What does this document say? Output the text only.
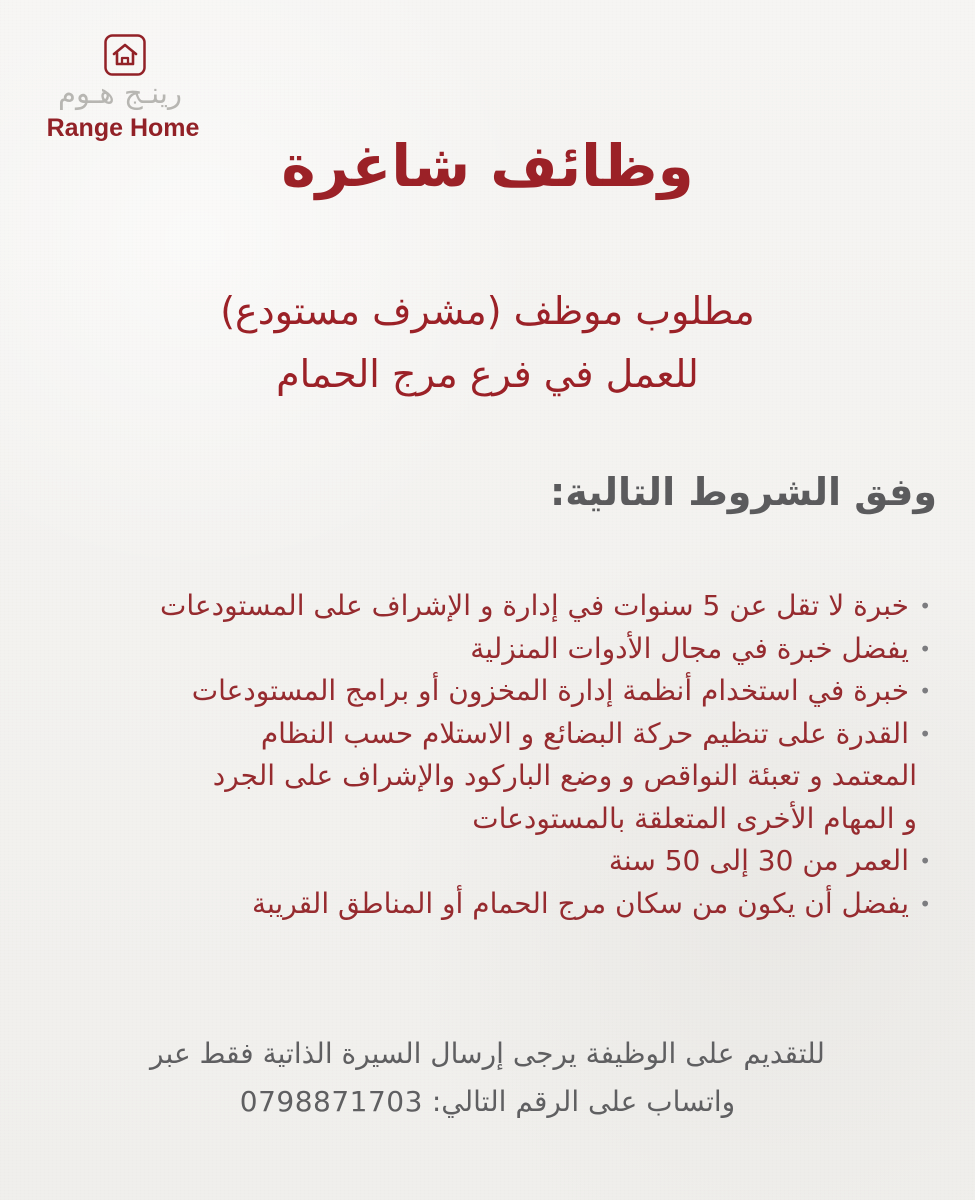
رينـج هـوم
Range Home
وظائف شاغرة
مطلوب موظف (مشرف مستودع)
للعمل في فرع مرج الحمام
وفق الشروط التالية:
• خبرة لا تقل عن 5 سنوات في إدارة و الإشراف على المستودعات
• يفضل خبرة في مجال الأدوات المنزلية
• خبرة في استخدام أنظمة إدارة المخزون أو برامج المستودعات
• القدرة على تنظيم حركة البضائع و الاستلام حسب النظام
المعتمد و تعبئة النواقص و وضع الباركود والإشراف على الجرد
و المهام الأخرى المتعلقة بالمستودعات
• العمر من 30 إلى 50 سنة
• يفضل أن يكون من سكان مرج الحمام أو المناطق القريبة
للتقديم على الوظيفة يرجى إرسال السيرة الذاتية فقط عبر
واتساب على الرقم التالي: 0798871703
